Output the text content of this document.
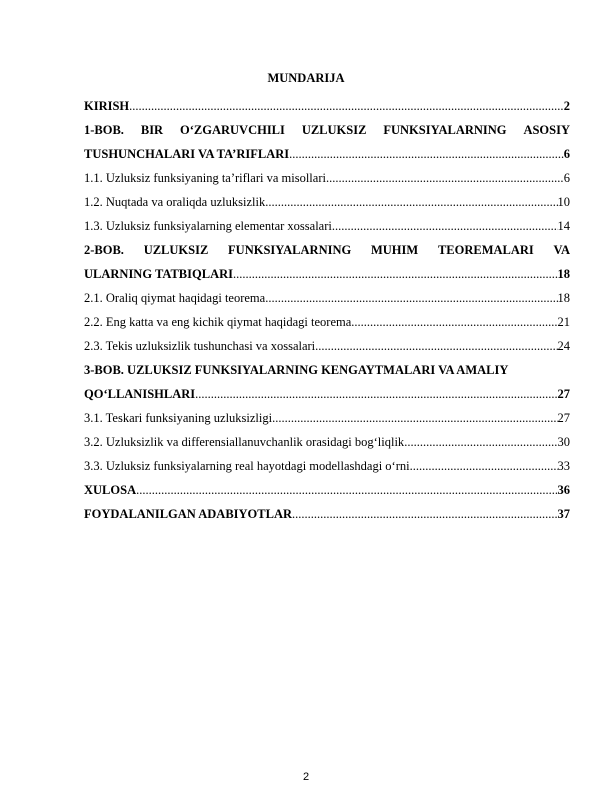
MUNDARIJA
KIRISH .....	2
1-BOB. BIR O‘ZGARUVCHILI UZLUKSIZ FUNKSIYALARNING ASOSIY
TUSHUNCHALARI VA TA’RIFLARI .....	6
1.1. Uzluksiz funksiyaning ta’riflari va misollari .....	6
1.2. Nuqtada va oraliqda uzluksizlik .....	10
1.3. Uzluksiz funksiyalarning elementar xossalari .....	14
2-BOB. UZLUKSIZ FUNKSIYALARNING MUHIM TEOREMALARI VA
ULARNING TATBIQLARI .....	18
2.1. Oraliq qiymat haqidagi teorema .....	18
2.2. Eng katta va eng kichik qiymat haqidagi teorema .....	21
2.3. Tekis uzluksizlik tushunchasi va xossalari .....	24
3-BOB. UZLUKSIZ FUNKSIYALARNING KENGAYTMALARI VA AMALIY
QO‘LLANISHLARI .....	27
3.1. Teskari funksiyaning uzluksizligi .....	27
3.2. Uzluksizlik va differensiallanuvchanlik orasidagi bog‘liqlik .....	30
3.3. Uzluksiz funksiyalarning real hayotdagi modellashdagi o‘rni .....	33
XULOSA .....	36
FOYDALANILGAN ADABIYOTLAR .....	37
2
